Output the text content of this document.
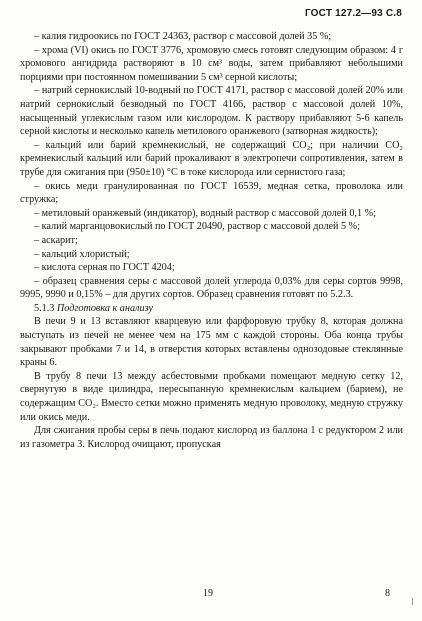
ГОСТ 127.2—93 С.8

– калия гидроокись по ГОСТ 24363, раствор с массовой долей 35 %;

– хрома (VI) окись по ГОСТ 3776, хромовую смесь готовят следующим образом: 4 г хромового ангидрида растворяют в 10 см³ воды, затем прибавляют небольшими порциями при постоянном помешивании 5 см³ серной кислоты;

– натрий сернокислый 10-водный по ГОСТ 4171, раствор с массовой долей 20% или натрий сернокислый безводный по ГОСТ 4166, раствор с массовой долей 10%, насыщенный углекислым газом или кислородом. К раствору прибавляют 5-6 капель серной кислоты и несколько капель метилового оранжевого (затворная жидкость);

– кальций или барий кремнекислый, не содержащий CO₂; при наличии CO₂ кремнекислый кальций или барий прокаливают в электропечи сопротивления, затем в трубе для сжигания при (950±10) °С в токе кислорода или сернистого газа;

– окись меди гранулированная по ГОСТ 16539, медная сетка, проволока или стружка;

– метиловый оранжевый (индикатор), водный раствор с массовой долей 0,1 %;

– калий марганцовокислый по ГОСТ 20490, раствор с массовой долей 5 %;

– аскарит;

– кальций хлористый;

– кислота серная по ГОСТ 4204;

– образец сравнения серы с массовой долей углерода 0,03% для серы сортов 9998, 9995, 9990 и 0,15% – для других сортов. Образец сравнения готовят по 5.2.3.

5.1.3 Подготовка к анализу

В печи 9 и 13 вставляют кварцевую или фарфоровую трубку 8, которая должна выступать из печей не менее чем на 175 мм с каждой стороны. Оба конца трубы закрывают пробками 7 и 14, в отверстия которых вставлены однозодовые стеклянные краны 6.

В трубу 8 печи 13 между асбестовыми пробками помещают медную сетку 12, свернутую в виде цилиндра, пересыпанную кремнекислым кальцием (барием), не содержащим CO₂. Вместо сетки можно применять медную проволоку, медную стружку или окись меди.

Для сжигания пробы серы в печь подают кислород из баллона 1 с редуктором 2 или из газометра 3. Кислород очищают, пропуская

19	8
